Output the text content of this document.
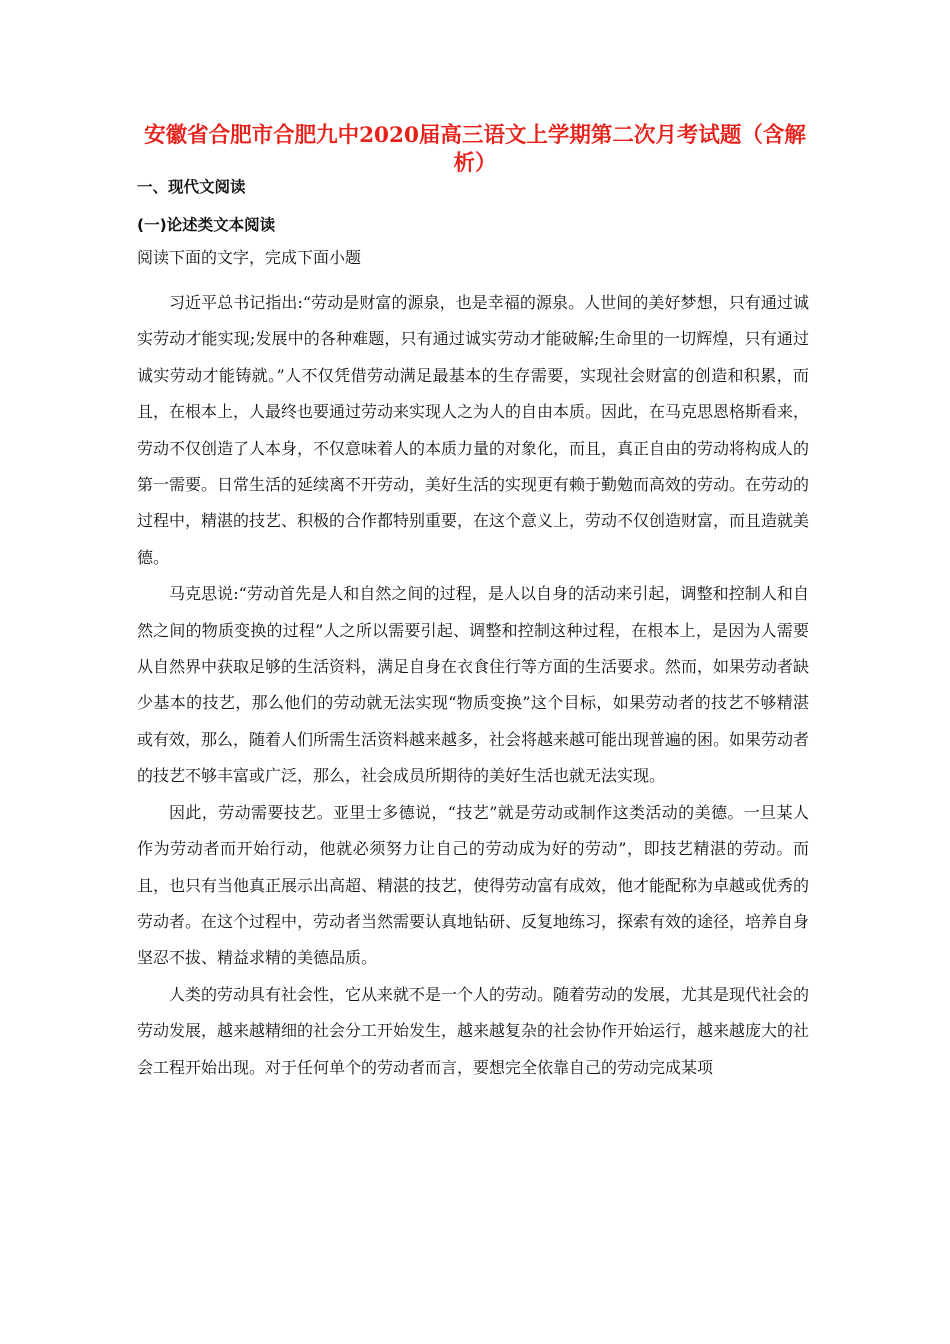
安徽省合肥市合肥九中2020届高三语文上学期第二次月考试题（含解析）
一、现代文阅读
(一)论述类文本阅读

阅读下面的文字，完成下面小题

习近平总书记指出:“劳动是财富的源泉，也是幸福的源泉。人世间的美好梦想，只有通过诚实劳动才能实现;发展中的各种难题，只有通过诚实劳动才能破解;生命里的一切辉煌，只有通过诚实劳动才能铸就。”人不仅凭借劳动满足最基本的生存需要，实现社会财富的创造和积累，而且，在根本上，人最终也要通过劳动来实现人之为人的自由本质。因此，在马克思恩格斯看来，劳动不仅创造了人本身，不仅意味着人的本质力量的对象化，而且，真正自由的劳动将构成人的第一需要。日常生活的延续离不开劳动，美好生活的实现更有赖于勤勉而高效的劳动。在劳动的过程中，精湛的技艺、积极的合作都特别重要，在这个意义上，劳动不仅创造财富，而且造就美德。

马克思说:“劳动首先是人和自然之间的过程，是人以自身的活动来引起，调整和控制人和自然之间的物质变换的过程”人之所以需要引起、调整和控制这种过程，在根本上，是因为人需要从自然界中获取足够的生活资料，满足自身在衣食住行等方面的生活要求。然而，如果劳动者缺少基本的技艺，那么他们的劳动就无法实现“物质变换”这个目标，如果劳动者的技艺不够精湛或有效，那么，随着人们所需生活资料越来越多，社会将越来越可能出现普遍的困。如果劳动者的技艺不够丰富或广泛，那么，社会成员所期待的美好生活也就无法实现。

因此，劳动需要技艺。亚里士多德说，“技艺”就是劳动或制作这类活动的美德。一旦某人作为劳动者而开始行动，他就必须努力让自己的劳动成为好的劳动”，即技艺精湛的劳动。而且，也只有当他真正展示出高超、精湛的技艺，使得劳动富有成效，他才能配称为卓越或优秀的劳动者。在这个过程中，劳动者当然需要认真地钻研、反复地练习，探索有效的途径，培养自身坚忍不拔、精益求精的美德品质。

人类的劳动具有社会性，它从来就不是一个人的劳动。随着劳动的发展，尤其是现代社会的劳动发展，越来越精细的社会分工开始发生，越来越复杂的社会协作开始运行，越来越庞大的社会工程开始出现。对于任何单个的劳动者而言，要想完全依靠自己的劳动完成某项
